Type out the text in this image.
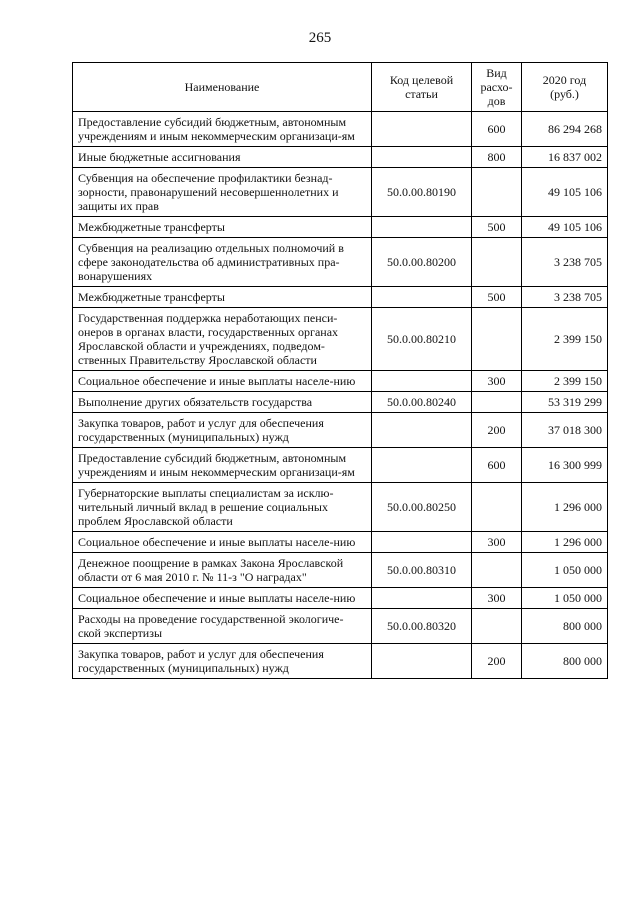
265
Наименование	Код целевой статьи	Вид расхо-дов	2020 год (руб.)
Предоставление субсидий бюджетным, автономным учреждениям и иным некоммерческим организаци-ям		600	86 294 268
Иные бюджетные ассигнования		800	16 837 002
Субвенция на обеспечение профилактики безнад-зорности, правонарушений несовершеннолетних и защиты их прав	50.0.00.80190		49 105 106
Межбюджетные трансферты		500	49 105 106
Субвенция на реализацию отдельных полномочий в сфере законодательства об административных пра-вонарушениях	50.0.00.80200		3 238 705
Межбюджетные трансферты		500	3 238 705
Государственная поддержка неработающих пенси-онеров в органах власти, государственных органах Ярославской области и учреждениях, подведом-ственных Правительству Ярославской области	50.0.00.80210		2 399 150
Социальное обеспечение и иные выплаты населе-нию		300	2 399 150
Выполнение других обязательств государства	50.0.00.80240		53 319 299
Закупка товаров, работ и услуг для обеспечения государственных (муниципальных) нужд		200	37 018 300
Предоставление субсидий бюджетным, автономным учреждениям и иным некоммерческим организаци-ям		600	16 300 999
Губернаторские выплаты специалистам за исклю-чительный личный вклад в решение социальных проблем Ярославской области	50.0.00.80250		1 296 000
Социальное обеспечение и иные выплаты населе-нию		300	1 296 000
Денежное поощрение в рамках Закона Ярославской области от 6 мая 2010 г. № 11-з "О наградах"	50.0.00.80310		1 050 000
Социальное обеспечение и иные выплаты населе-нию		300	1 050 000
Расходы на проведение государственной экологиче-ской экспертизы	50.0.00.80320		800 000
Закупка товаров, работ и услуг для обеспечения государственных (муниципальных) нужд		200	800 000
